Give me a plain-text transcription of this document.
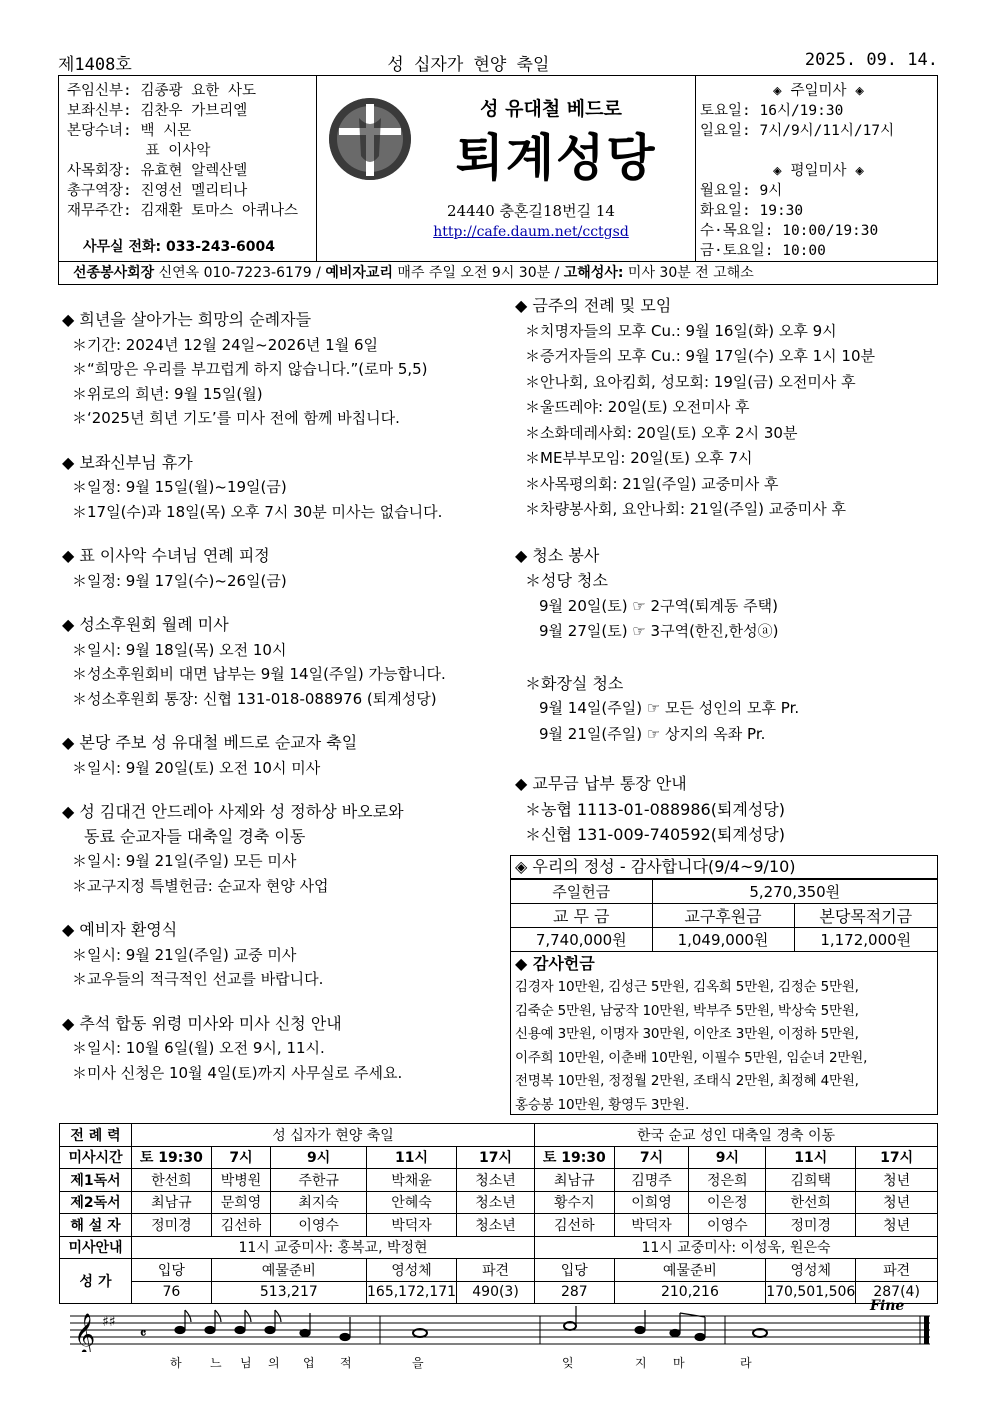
제1408호	성 십자가 현양 축일	2025. 09. 14.
주임신부: 김종광 요한 사도
보좌신부: 김찬우 가브리엘
본당수녀: 백 시몬
표 이사악
사목회장: 유효현 알렉산델
총구역장: 진영선 멜리티나
재무주간: 김재환 토마스 아퀴나스
사무실 전화: 033-243-6004
성 유대철 베드로
퇴계성당
24440 충혼길18번길 14
http://cafe.daum.net/cctgsd
◈ 주일미사 ◈
토요일: 16시/19:30
일요일: 7시/9시/11시/17시
◈ 평일미사 ◈
월요일: 9시
화요일: 19:30
수·목요일: 10:00/19:30
금·토요일: 10:00
선종봉사회장 신연옥 010-7223-6179 / 예비자교리 매주 주일 오전 9시 30분 / 고해성사: 미사 30분 전 고해소
◆ 희년을 살아가는 희망의 순례자들
＊기간: 2024년 12월 24일~2026년 1월 6일
＊“희망은 우리를 부끄럽게 하지 않습니다.”(로마 5,5)
＊위로의 희년: 9월 15일(월)
＊‘2025년 희년 기도’를 미사 전에 함께 바칩니다.
◆ 보좌신부님 휴가
＊일정: 9월 15일(월)~19일(금)
＊17일(수)과 18일(목) 오후 7시 30분 미사는 없습니다.
◆ 표 이사악 수녀님 연례 피정
＊일정: 9월 17일(수)~26일(금)
◆ 성소후원회 월례 미사
＊일시: 9월 18일(목) 오전 10시
＊성소후원회비 대면 납부는 9월 14일(주일) 가능합니다.
＊성소후원회 통장: 신협 131-018-088976 (퇴계성당)
◆ 본당 주보 성 유대철 베드로 순교자 축일
＊일시: 9월 20일(토) 오전 10시 미사
◆ 성 김대건 안드레아 사제와 성 정하상 바오로와
동료 순교자들 대축일 경축 이동
＊일시: 9월 21일(주일) 모든 미사
＊교구지정 특별헌금: 순교자 현양 사업
◆ 예비자 환영식
＊일시: 9월 21일(주일) 교중 미사
＊교우들의 적극적인 선교를 바랍니다.
◆ 추석 합동 위령 미사와 미사 신청 안내
＊일시: 10월 6일(월) 오전 9시, 11시.
＊미사 신청은 10월 4일(토)까지 사무실로 주세요.
◆ 금주의 전례 및 모임
＊치명자들의 모후 Cu.: 9월 16일(화) 오후 9시
＊증거자들의 모후 Cu.: 9월 17일(수) 오후 1시 10분
＊안나회, 요아킴회, 성모회: 19일(금) 오전미사 후
＊울뜨레야: 20일(토) 오전미사 후
＊소화데레사회: 20일(토) 오후 2시 30분
＊ME부부모임: 20일(토) 오후 7시
＊사목평의회: 21일(주일) 교중미사 후
＊차량봉사회, 요안나회: 21일(주일) 교중미사 후
◆ 청소 봉사
＊성당 청소
9월 20일(토) ☞ 2구역(퇴계동 주택)
9월 27일(토) ☞ 3구역(한진,한성ⓐ)
＊화장실 청소
9월 14일(주일) ☞ 모든 성인의 모후 Pr.
9월 21일(주일) ☞ 상지의 옥좌 Pr.
◆ 교무금 납부 통장 안내
＊농협 1113-01-088986(퇴계성당)
＊신협 131-009-740592(퇴계성당)
◈ 우리의 정성 - 감사합니다(9/4~9/10)
주일헌금	5,270,350원	
교 무 금	교구후원금	본당목적기금
7,740,000원	1,049,000원	1,172,000원
◆ 감사헌금
김경자 10만원, 김성근 5만원, 김옥희 5만원, 김정순 5만원,
김죽순 5만원, 남궁작 10만원, 박부주 5만원, 박상숙 5만원,
신용예 3만원, 이명자 30만원, 이안조 3만원, 이정하 5만원,
이주희 10만원, 이춘배 10만원, 이필수 5만원, 임순녀 2만원,
전명복 10만원, 정정월 2만원, 조태식 2만원, 최정혜 4만원,
홍승봉 10만원, 황영두 3만원.
전 례 력	성 십자가 현양 축일					한국 순교 성인 대축일 경축 이동				
미사시간	토 19:30	7시	9시	11시	17시	토 19:30	7시	9시	11시	17시
제1독서	한선희	박병원	주한규	박채윤	청소년	최남규	김명주	정은희	김희택	청년
제2독서	최남규	문희영	최지숙	안혜숙	청소년	황수지	이희영	이은정	한선희	청년
해 설 자	정미경	김선하	이영수	박덕자	청소년	김선하	박덕자	이영수	정미경	청년
미사안내	11시 교중미사: 홍복교, 박정현					11시 교중미사: 이성욱, 원은숙				
성 가	입당	예물준비		영성체	파견	입당	예물준비		영성체	파견
	76	513,217		165,172,171	490(3)	287	210,216		170,501,506	287(4)
𝄞 ♯♯
𝄴
Fine
하 느 님 의 업 적	을	잊	지 마	라
